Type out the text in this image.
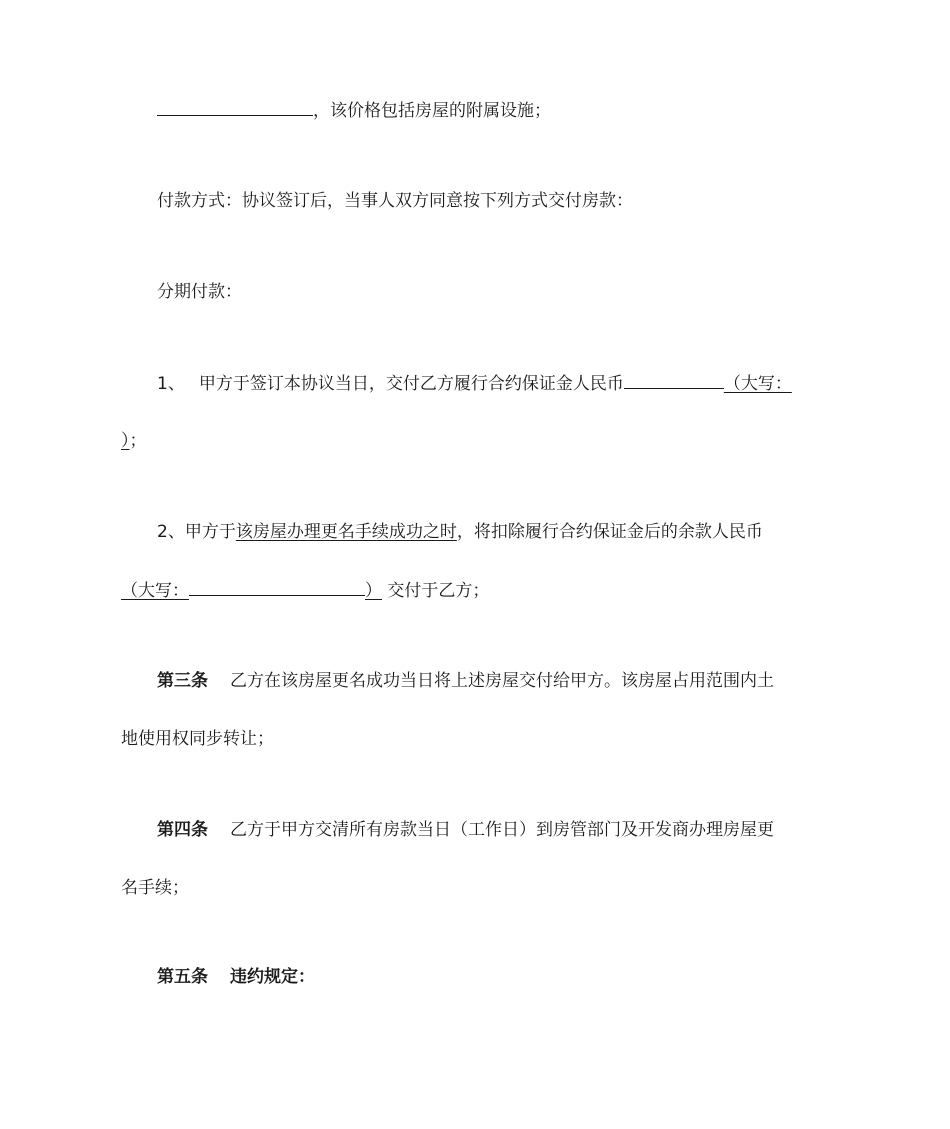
，该价格包括房屋的附属设施；
付款方式：协议签订后，当事人双方同意按下列方式交付房款：
分期付款：
1、 甲方于签订本协议当日，交付乙方履行合约保证金人民币	（大写：
）；
2、甲方于该房屋办理更名手续成功之时，将扣除履行合约保证金后的余款人民币
（大写：	） 交付于乙方；
第三条 乙方在该房屋更名成功当日将上述房屋交付给甲方。该房屋占用范围内土
地使用权同步转让；
第四条 乙方于甲方交清所有房款当日（工作日）到房管部门及开发商办理房屋更
名手续；
第五条 违约规定：
